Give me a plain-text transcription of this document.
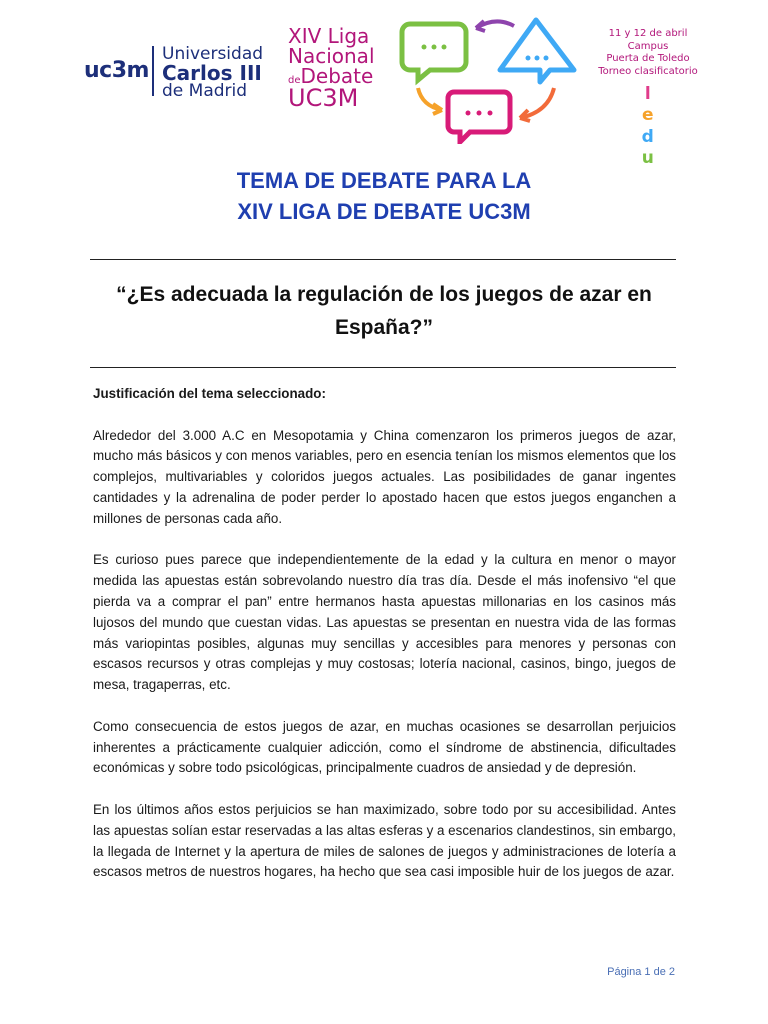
uc3m
Universidad
Carlos III
de Madrid
XIV Liga
Nacional
deDebate
UC3M
11 y 12 de abril
Campus
Puerta de Toledo
Torneo clasificatorio
l
e
d
u
TEMA DE DEBATE PARA LA
XIV LIGA DE DEBATE UC3M
“¿Es adecuada la regulación de los juegos de azar en España?”
Justificación del tema seleccionado:

Alrededor del 3.000 A.C en Mesopotamia y China comenzaron los primeros juegos de azar, mucho más básicos y con menos variables, pero en esencia tenían los mismos elementos que los complejos, multivariables y coloridos juegos actuales. Las posibilidades de ganar ingentes cantidades y la adrenalina de poder perder lo apostado hacen que estos juegos enganchen a millones de personas cada año.

Es curioso pues parece que independientemente de la edad y la cultura en menor o mayor medida las apuestas están sobrevolando nuestro día tras día. Desde el más inofensivo “el que pierda va a comprar el pan” entre hermanos hasta apuestas millonarias en los casinos más lujosos del mundo que cuestan vidas. Las apuestas se presentan en nuestra vida de las formas más variopintas posibles, algunas muy sencillas y accesibles para menores y personas con escasos recursos y otras complejas y muy costosas; lotería nacional, casinos, bingo, juegos de mesa, tragaperras, etc.

Como consecuencia de estos juegos de azar, en muchas ocasiones se desarrollan perjuicios inherentes a prácticamente cualquier adicción, como el síndrome de abstinencia, dificultades económicas y sobre todo psicológicas, principalmente cuadros de ansiedad y de depresión.

En los últimos años estos perjuicios se han maximizado, sobre todo por su accesibilidad. Antes las apuestas solían estar reservadas a las altas esferas y a escenarios clandestinos, sin embargo, la llegada de Internet y la apertura de miles de salones de juegos y administraciones de lotería a escasos metros de nuestros hogares, ha hecho que sea casi imposible huir de los juegos de azar.

Página 1 de 2
